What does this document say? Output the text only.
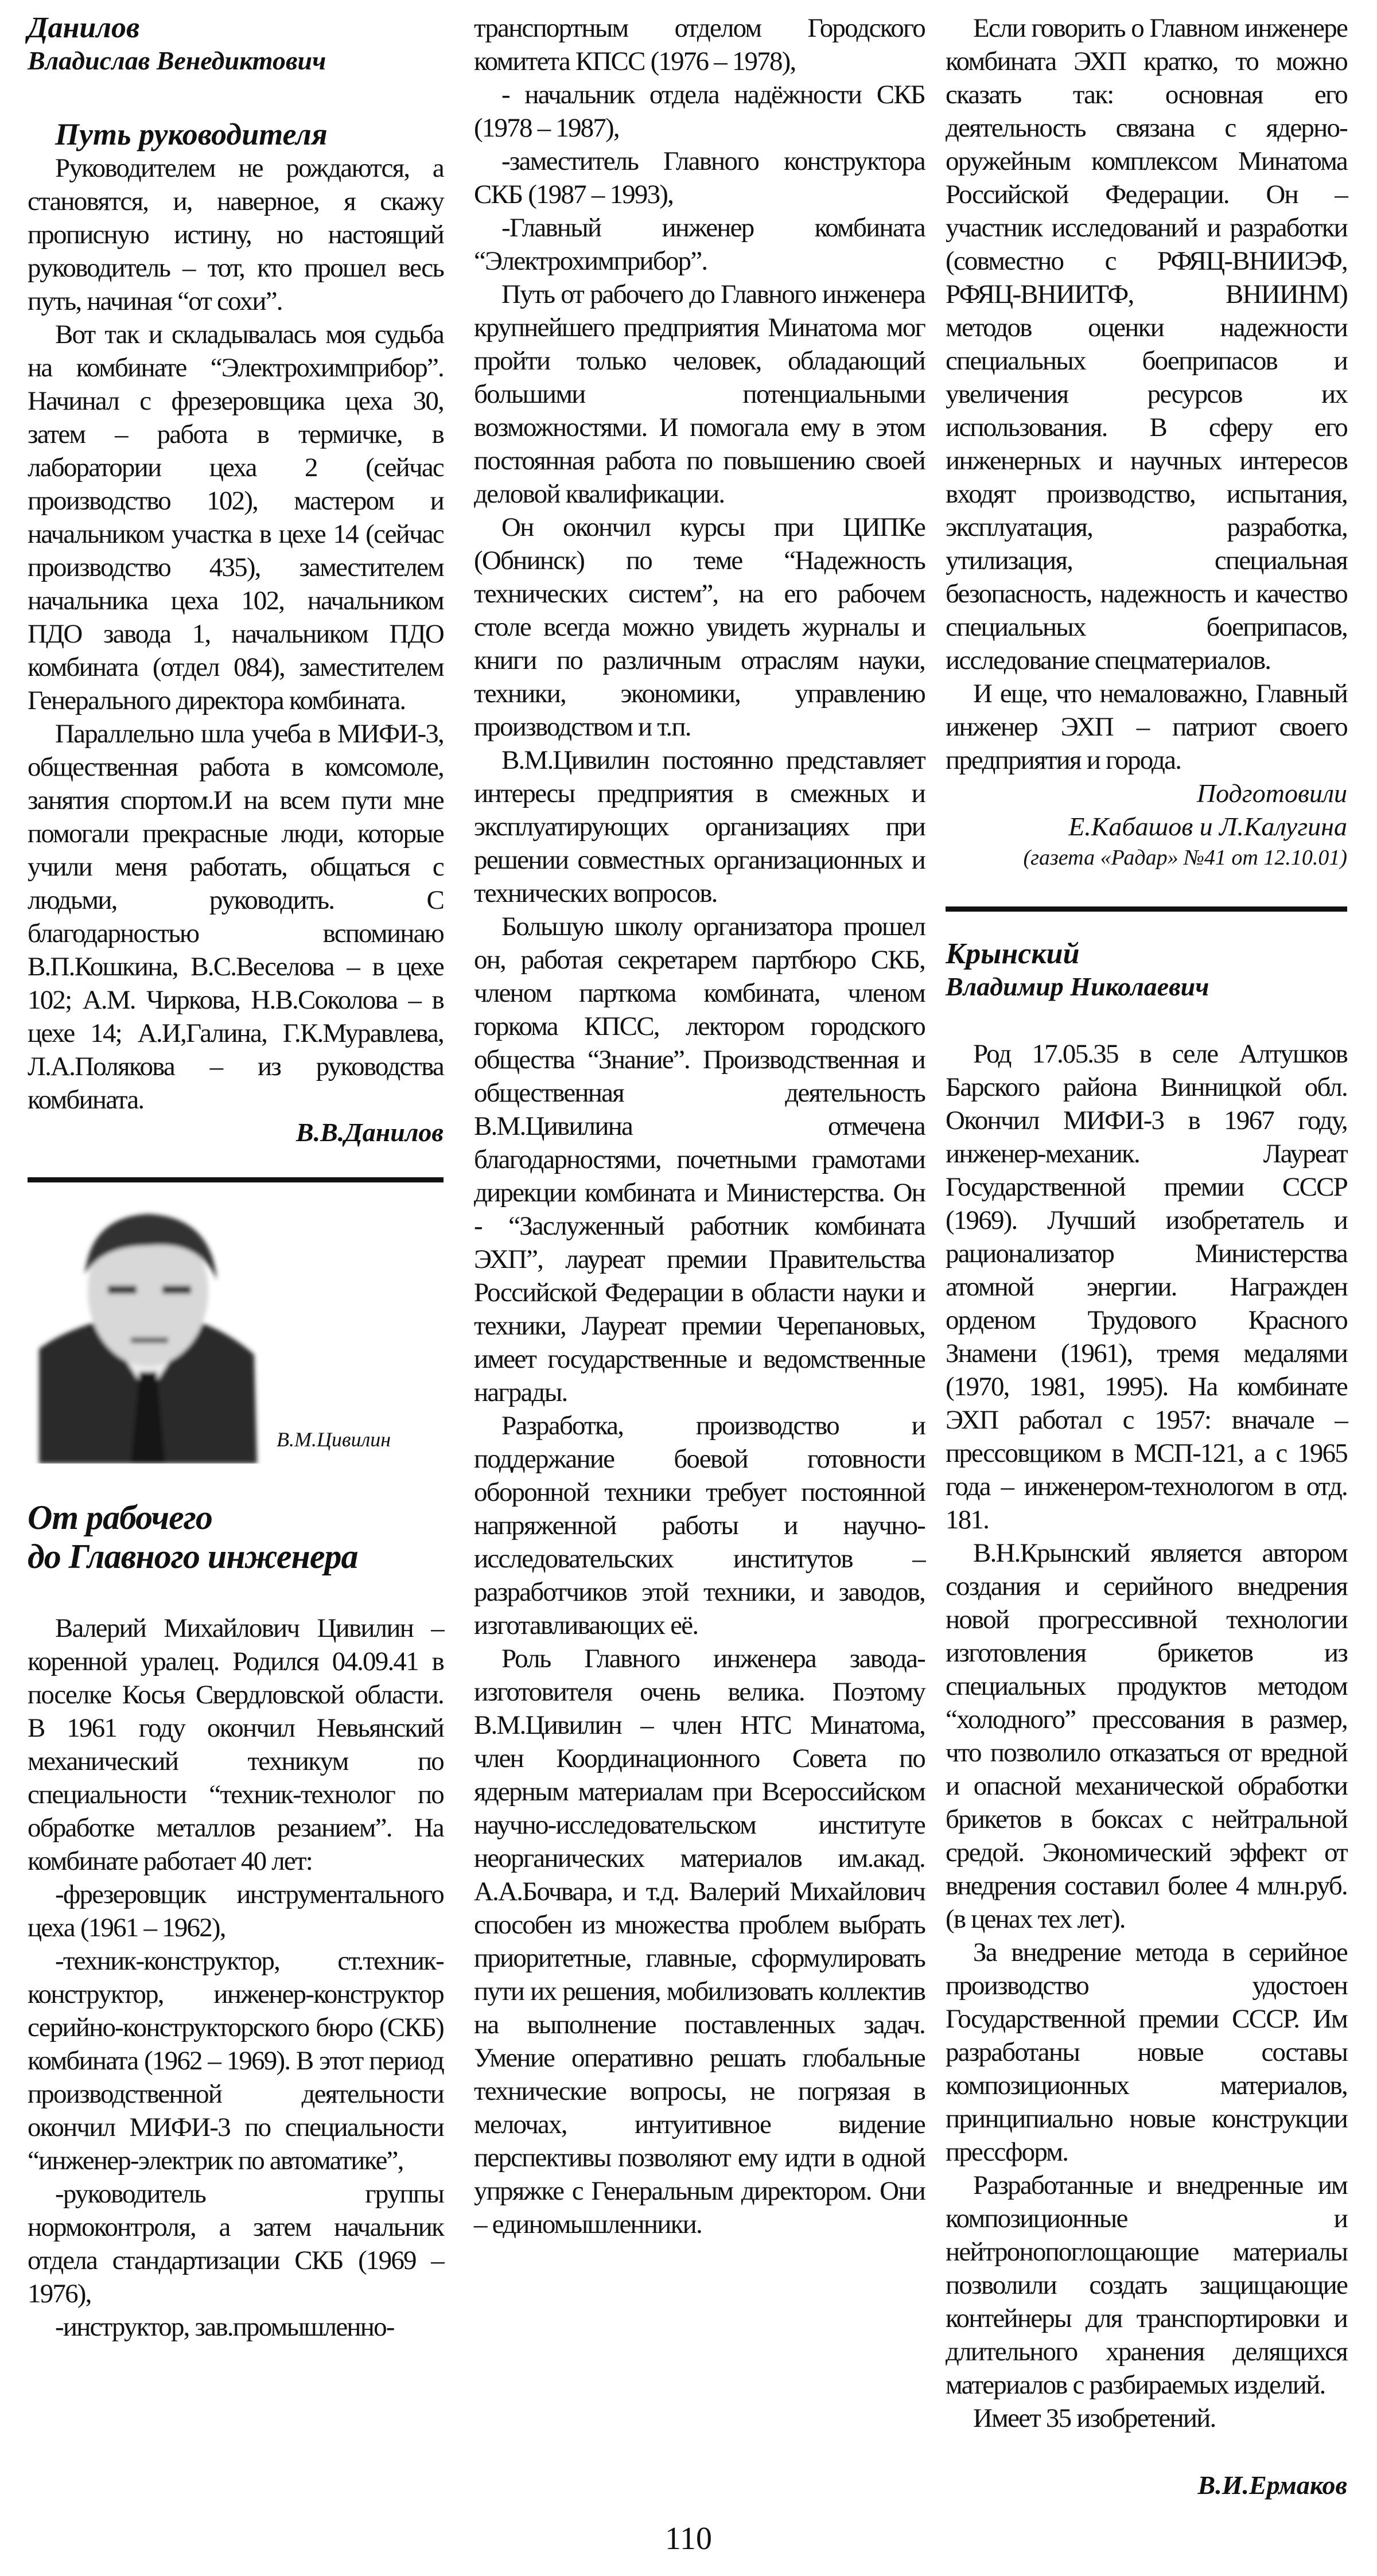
Данилов

Владислав Венедиктович

Путь руководителя

Руководителем не рождаются, а становятся, и, наверное, я скажу прописную истину, но настоящий руководитель – тот, кто прошел весь путь, начиная “от сохи”.

Вот так и складывалась моя судьба на комбинате “Электрохимприбор”. Начинал с фрезеровщика цеха 30, затем – работа в термичке, в лаборатории цеха 2 (сейчас производство 102), мастером и начальником участка в цехе 14 (сейчас производство 435), заместителем начальника цеха 102, начальником ПДО завода 1, начальником ПДО комбината (отдел 084), заместителем Генерального директора комбината.

Параллельно шла учеба в МИФИ-3, общественная работа в комсомоле, занятия спортом.И на всем пути мне помогали прекрасные люди, которые учили меня работать, общаться с людьми, руководить. С благодарностью вспоминаю В.П.Кошкина, В.С.Веселова – в цехе 102; А.М. Чиркова, Н.В.Соколова – в цехе 14; А.И,Галина, Г.К.Муравлева, Л.А.Полякова – из руководства комбината.

В.В.Данилов
В.М.Цивилин

От рабочего

до Главного инженера

Валерий Михайлович Цивилин – коренной уралец. Родился 04.09.41 в поселке Косья Свердловской области. В 1961 году окончил Невьянский механический техникум по специальности “техник-технолог по обработке металлов резанием”. На комбинате работает 40 лет:

-фрезеровщик инструментального цеха (1961 – 1962),

-техник-конструктор, ст.техник-конструктор, инженер-конструктор серийно-конструкторского бюро (СКБ) комбината (1962 – 1969). В этот период производственной деятельности окончил МИФИ-3 по специальности “инженер-электрик по автоматике”,

-руководитель группы нормоконтроля, а затем начальник отдела стандартизации СКБ (1969 – 1976),

-инструктор, зав.промышленно-

транспортным отделом Городского комитета КПСС (1976 – 1978),

- начальник отдела надёжности СКБ (1978 – 1987),

-заместитель Главного конструктора СКБ (1987 – 1993),

-Главный инженер комбината “Электрохимприбор”.

Путь от рабочего до Главного инженера крупнейшего предприятия Минатома мог пройти только человек, обладающий большими потенциальными возможностями. И помогала ему в этом постоянная работа по повышению своей деловой квалификации.

Он окончил курсы при ЦИПКе (Обнинск) по теме “Надежность технических систем”, на его рабочем столе всегда можно увидеть журналы и книги по различным отраслям науки, техники, экономики, управлению производством и т.п.

В.М.Цивилин постоянно представляет интересы предприятия в смежных и эксплуатирующих организациях при решении совместных организационных и технических вопросов.

Большую школу организатора прошел он, работая секретарем партбюро СКБ, членом парткома комбината, членом горкома КПСС, лектором городского общества “Знание”. Производственная и общественная деятельность В.М.Цивилина отмечена благодарностями, почетными грамотами дирекции комбината и Министерства. Он - “Заслуженный работник комбината ЭХП”, лауреат премии Правительства Российской Федерации в области науки и техники, Лауреат премии Черепановых, имеет государственные и ведомственные награды.

Разработка, производство и поддержание боевой готовности оборонной техники требует постоянной напряженной работы и научно-исследовательских институтов – разработчиков этой техники, и заводов, изготавливающих её.

Роль Главного инженера завода-изготовителя очень велика. Поэтому В.М.Цивилин – член НТС Минатома, член Координационного Совета по ядерным материалам при Всероссийском научно-исследовательском институте неорганических материалов им.акад. А.А.Бочвара, и т.д. Валерий Михайлович способен из множества проблем выбрать приоритетные, главные, сформулировать пути их решения, мобилизовать коллектив на выполнение поставленных задач. Умение оперативно решать глобальные технические вопросы, не погрязая в мелочах, интуитивное видение перспективы позволяют ему идти в одной упряжке с Генеральным директором. Они – единомышленники.

Если говорить о Главном инженере комбината ЭХП кратко, то можно сказать так: основная его деятельность связана с ядерно-оружейным комплексом Минатома Российской Федерации. Он – участник исследований и разработки (совместно с РФЯЦ-ВНИИЭФ, РФЯЦ-ВНИИТФ, ВНИИНМ) методов оценки надежности специальных боеприпасов и увеличения ресурсов их использования. В сферу его инженерных и научных интересов входят производство, испытания, эксплуатация, разработка, утилизация, специальная безопасность, надежность и качество специальных боеприпасов, исследование спецматериалов.

И еще, что немаловажно, Главный инженер ЭХП – патриот своего предприятия и города.

Подготовили
Е.Кабашов и Л.Калугина
(газета «Радар» №41 от 12.10.01)

Крынский

Владимир Николаевич

Род 17.05.35 в селе Алтушков Барского района Винницкой обл. Окончил МИФИ-3 в 1967 году, инженер-механик. Лауреат Государственной премии СССР (1969). Лучший изобретатель и рационализатор Министерства атомной энергии. Награжден орденом Трудового Красного Знамени (1961), тремя медалями (1970, 1981, 1995). На комбинате ЭХП работал с 1957: вначале – прессовщиком в МСП-121, а с 1965 года – инженером-технологом в отд. 181.

В.Н.Крынский является автором создания и серийного внедрения новой прогрессивной технологии изготовления брикетов из специальных продуктов методом “холодного” прессования в размер, что позволило отказаться от вредной и опасной механической обработки брикетов в боксах с нейтральной средой. Экономический эффект от внедрения составил более 4 млн.руб. (в ценах тех лет).

За внедрение метода в серийное производство удостоен Государственной премии СССР. Им разработаны новые составы композиционных материалов, принципиально новые конструкции прессформ.

Разработанные и внедренные им композиционные и нейтронопоглощающие материалы позволили создать защищающие контейнеры для транспортировки и длительного хранения делящихся материалов с разбираемых изделий.

Имеет 35 изобретений.

В.И.Ермаков
110
